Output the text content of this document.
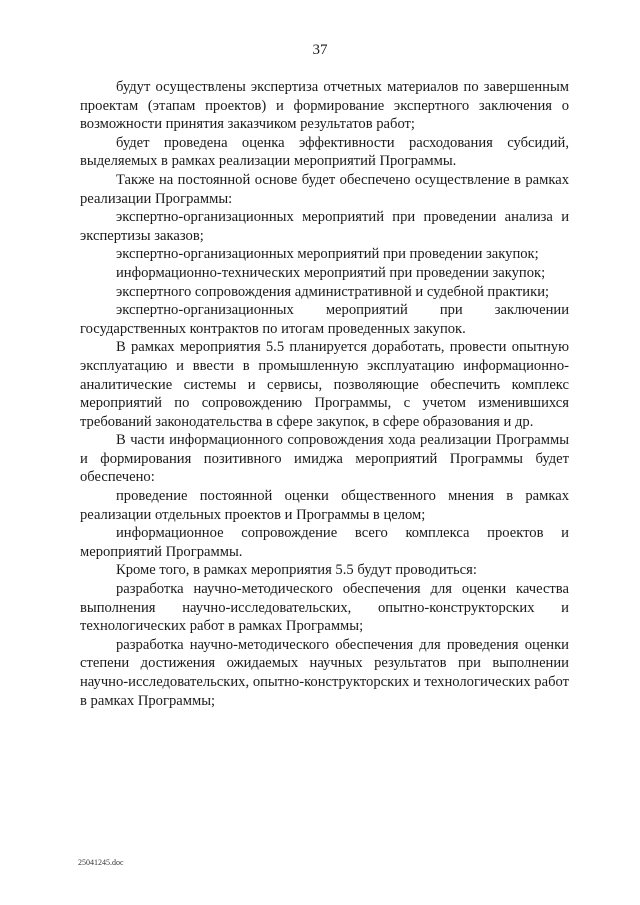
37

будут осуществлены экспертиза отчетных материалов по завершенным проектам (этапам проектов) и формирование экспертного заключения о возможности принятия заказчиком результатов работ;

будет проведена оценка эффективности расходования субсидий, выделяемых в рамках реализации мероприятий Программы.

Также на постоянной основе будет обеспечено осуществление в рамках реализации Программы:

экспертно-организационных мероприятий при проведении анализа и экспертизы заказов;

экспертно-организационных мероприятий при проведении закупок;

информационно-технических мероприятий при проведении закупок;

экспертного сопровождения административной и судебной практики;

экспертно-организационных мероприятий при заключении государственных контрактов по итогам проведенных закупок.

В рамках мероприятия 5.5 планируется доработать, провести опытную эксплуатацию и ввести в промышленную эксплуатацию информационно-аналитические системы и сервисы, позволяющие обеспечить комплекс мероприятий по сопровождению Программы, с учетом изменившихся требований законодательства в сфере закупок, в сфере образования и др.

В части информационного сопровождения хода реализации Программы и формирования позитивного имиджа мероприятий Программы будет обеспечено:

проведение постоянной оценки общественного мнения в рамках реализации отдельных проектов и Программы в целом;

информационное сопровождение всего комплекса проектов и мероприятий Программы.

Кроме того, в рамках мероприятия 5.5 будут проводиться:

разработка научно-методического обеспечения для оценки качества выполнения научно-исследовательских, опытно-конструкторских и технологических работ в рамках Программы;

разработка научно-методического обеспечения для проведения оценки степени достижения ожидаемых научных результатов при выполнении научно-исследовательских, опытно-конструкторских и технологических работ в рамках Программы;

25041245.doc
